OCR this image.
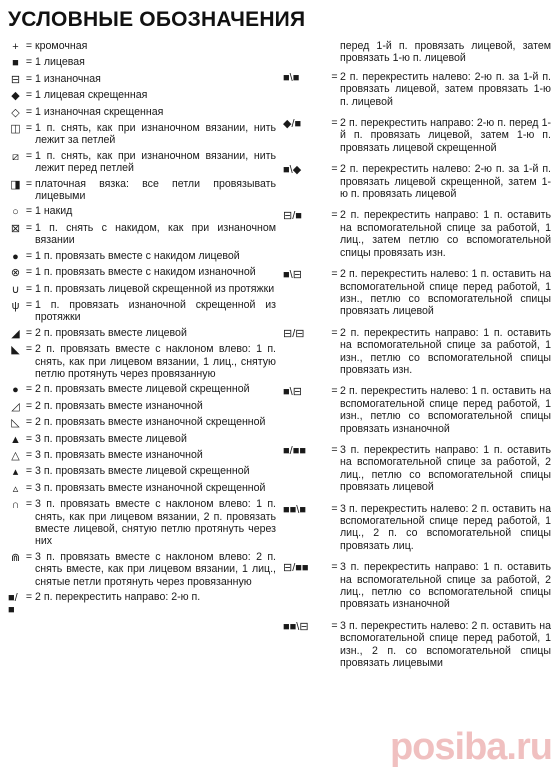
УСЛОВНЫЕ ОБОЗНАЧЕНИЯ
+ = кромочная
■ = 1 лицевая
⊟ = 1 изнаночная
◆ = 1 лицевая скрещенная
◇ = 1 изнаночная скрещенная
◫ = 1 п. снять, как при изнаночном вязании, нить лежит за петлей
⧄ = 1 п. снять, как при изнаночном вязании, нить лежит перед петлей
◨ = платочная вязка: все петли провязывать лицевыми
○ = 1 накид
⊠ = 1 п. снять с накидом, как при изнаночном вязании
● = 1 п. провязать вместе с накидом лицевой
⊗ = 1 п. провязать вместе с накидом изнаночной
∪ = 1 п. провязать лицевой скрещенной из протяжки
ψ = 1 п. провязать изнаночной скрещенной из протяжки
◢ = 2 п. провязать вместе лицевой
◣ = 2 п. провязать вместе с наклоном влево: 1 п. снять, как при лицевом вязании, 1 лиц., снятую петлю протянуть через провязанную
● = 2 п. провязать вместе лицевой скрещенной
◿ = 2 п. провязать вместе изнаночной
◺ = 2 п. провязать вместе изнаночной скрещенной
▲ = 3 п. провязать вместе лицевой
△ = 3 п. провязать вместе изнаночной
▴ = 3 п. провязать вместе лицевой скрещенной
▵ = 3 п. провязать вместе изнаночной скрещенной
∩ = 3 п. провязать вместе с наклоном влево: 1 п. снять, как при лицевом вязании, 2 п. провязать вместе лицевой, снятую петлю протянуть через них
⋒ = 3 п. провязать вместе с наклоном влево: 2 п. снять вместе, как при лицевом вязании, 1 лиц., снятые петли протянуть через провязанную
■/■
= 2 п. перекрестить направо: 2-ю п.
перед 1-й п. провязать лицевой, затем провязать 1-ю п. лицевой
■\■	= 2 п. перекрестить налево: 2-ю п. за 1-й п. провязать лицевой, затем провязать 1-ю п. лицевой
◆/■	= 2 п. перекрестить направо: 2-ю п. перед 1-й п. провязать лицевой, затем 1-ю п. провязать лицевой скрещенной
■\◆	= 2 п. перекрестить налево: 2-ю п. за 1-й п. провязать лицевой скрещенной, затем 1-ю п. провязать лицевой
⊟/■	= 2 п. перекрестить направо: 1 п. оставить на вспомогательной спице за работой, 1 лиц., затем петлю со вспомогательной спицы провязать изн.
■\⊟	= 2 п. перекрестить налево: 1 п. оставить на вспомогательной спице перед работой, 1 изн., петлю со вспомогательной спицы провязать лицевой
⊟/⊟	= 2 п. перекрестить направо: 1 п. оставить на вспомогательной спице за работой, 1 изн., петлю со вспомогательной спицы провязать изн.
■\⊟	= 2 п. перекрестить налево: 1 п. оставить на вспомогательной спице перед работой, 1 изн., петлю со вспомогательной спицы провязать изнаночной
■/■■	= 3 п. перекрестить направо: 1 п. оставить на вспомогательной спице за работой, 2 лиц., петлю со вспомогательной спицы провязать лицевой
■■\■	= 3 п. перекрестить налево: 2 п. оставить на вспомогательной спице перед работой, 1 лиц., 2 п. со вспомогательной спицы провязать лиц.
⊟/■■	= 3 п. перекрестить направо: 1 п. оставить на вспомогательной спице за работой, 2 лиц., петлю со вспомогательной спицы провязать изнаночной
■■\⊟	= 3 п. перекрестить налево: 2 п. оставить на вспомогательной спице перед работой, 1 изн., 2 п. со вспомогательной спицы провязать лицевыми
posiba.ru
